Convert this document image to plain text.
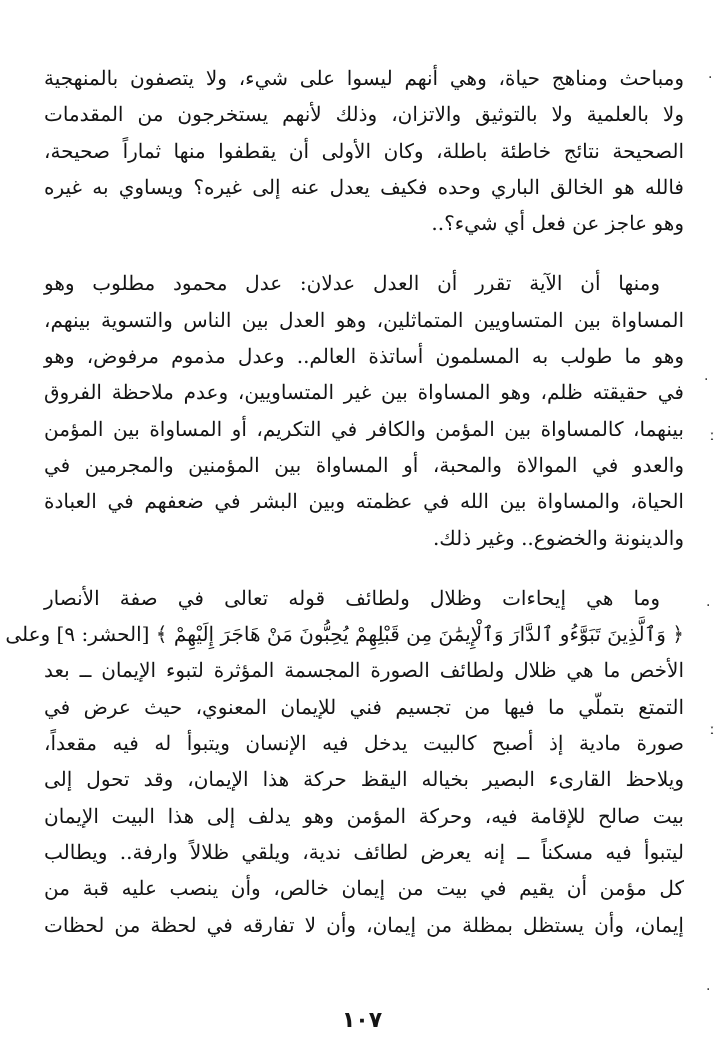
ومباحث ومناهج حياة، وهي أنهم ليسوا على شيء، ولا يتصفون بالمنهجية
ولا بالعلمية ولا بالتوثيق والاتزان، وذلك لأنهم يستخرجون من المقدمات
الصحيحة نتائج خاطئة باطلة، وكان الأولى أن يقطفوا منها ثماراً صحيحة،
فالله هو الخالق الباري وحده فكيف يعدل عنه إلى غيره؟ ويساوي به غيره
وهو عاجز عن فعل أي شيء؟..
ومنها أن الآية تقرر أن العدل عدلان: عدل محمود مطلوب وهو
المساواة بين المتساويين المتماثلين، وهو العدل بين الناس والتسوية بينهم،
وهو ما طولب به المسلمون أساتذة العالم.. وعدل مذموم مرفوض، وهو
في حقيقته ظلم، وهو المساواة بين غير المتساويين، وعدم ملاحظة الفروق
بينهما، كالمساواة بين المؤمن والكافر في التكريم، أو المساواة بين المؤمن
والعدو في الموالاة والمحبة، أو المساواة بين المؤمنين والمجرمين في
الحياة، والمساواة بين الله في عظمته وبين البشر في ضعفهم في العبادة
والدينونة والخضوع.. وغير ذلك.
وما هي إيحاءات وظلال ولطائف قوله تعالى في صفة الأنصار
﴿ وَٱلَّذِينَ تَبَوَّءُو ٱلدَّارَ وَٱلْإِيمَٰنَ مِن قَبْلِهِمْ يُحِبُّونَ مَنْ هَاجَرَ إِلَيْهِمْ ﴾ [الحشر: ٩] وعلى
الأخص ما هي ظلال ولطائف الصورة المجسمة المؤثرة لتبوء الإيمان ــ بعد
التمتع بتملّي ما فيها من تجسيم فني للإيمان المعنوي، حيث عرض في
صورة مادية إذ أصبح كالبيت يدخل فيه الإنسان ويتبوأ له فيه مقعداً،
ويلاحظ القارىء البصير بخياله اليقظ حركة هذا الإيمان، وقد تحول إلى
بيت صالح للإقامة فيه، وحركة المؤمن وهو يدلف إلى هذا البيت الإيمان
ليتبوأ فيه مسكناً ــ إنه يعرض لطائف ندية، ويلقي ظلالاً وارفة.. ويطالب
كل مؤمن أن يقيم في بيت من إيمان خالص، وأن ينصب عليه قبة من
إيمان، وأن يستظل بمظلة من إيمان، وأن لا تفارقه في لحظة من لحظات
١٠٧
·
·
ː
·
ː
·
